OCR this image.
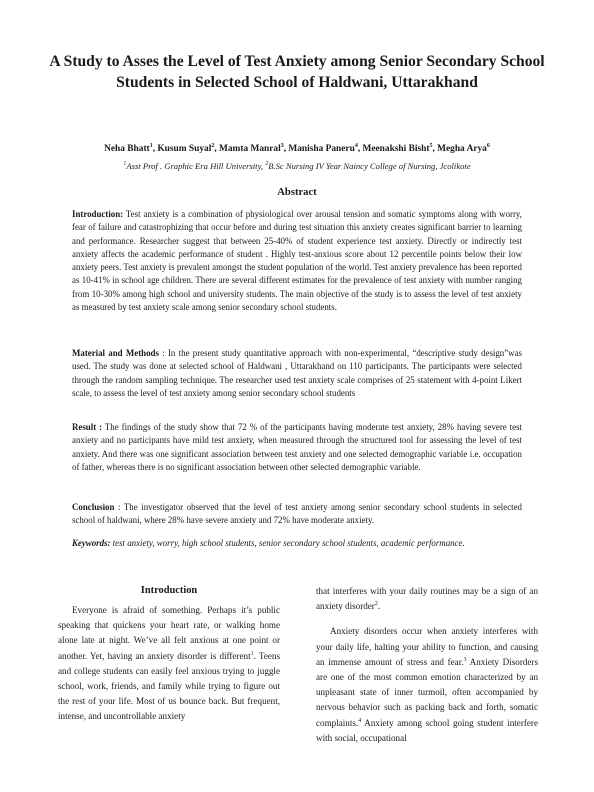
A Study to Asses the Level of Test Anxiety among Senior Secondary School Students in Selected School of Haldwani, Uttarakhand
Neha Bhatt$^1$, Kusum Suyal$^2$, Mamta Manral$^3$, Manisha Paneru$^4$, Meenakshi Bisht$^5$, Megha Arya$^6$
$^1$Asst Prof . Graphic Era Hill University, $^2$B.Sc Nursing IV Year Naincy College of Nursing, Jcolikote
Abstract
Introduction: Test anxiety is a combination of physiological over arousal tension and somatic symptoms along with worry, fear of failure and catastrophizing that occur before and during test situation this anxiety creates significant barrier to learning and performance. Researcher suggest that between 25-40% of student experience test anxiety. Directly or indirectly test anxiety affects the academic performance of student . Highly test-anxious score about 12 percentile points below their low anxiety peers. Test anxiety is prevalent amongst the student population of the world. Test anxiety prevalence has been reported as 10-41% in school age children. There are several different estimates for the prevalence of test anxiety with number ranging from 10-30% among high school and university students. The main objective of the study is to assess the level of test anxiety as measured by test anxiety scale among senior secondary school students.
Material and Methods : In the present study quantitative approach with non-experimental, “descriptive study design”was used. The study was done at selected school of Haldwani , Uttarakhand on 110 participants. The participants were selected through the random sampling technique. The researcher used test anxiety scale comprises of 25 statement with 4-point Likert scale, to assess the level of test anxiety among senior secondary school students
Result : The findings of the study show that 72 % of the participants having moderate test anxiety, 28% having severe test anxiety and no participants have mild test anxiety, when measured through the structured tool for assessing the level of test anxiety. And there was one significant association between test anxiety and one selected demographic variable i.e. occupation of father, whereas there is no significant association between other selected demographic variable.
Conclusion : The investigator observed that the level of test anxiety among senior secondary school students in selected school of haldwani, where 28% have severe anxiety and 72% have moderate anxiety.
Keywords: test anxiety, worry, high school students, senior secondary school students, academic performance.
Introduction

Everyone is afraid of something. Perhaps it’s public speaking that quickens your heart rate, or walking home alone late at night. We’ve all felt anxious at one point or another. Yet, having an anxiety disorder is different$^1$. Teens and college students can easily feel anxious trying to juggle school, work, friends, and family while trying to figure out the rest of your life. Most of us bounce back. But frequent, intense, and uncontrollable anxiety

that interferes with your daily routines may be a sign of an anxiety disorder$^2$.

Anxiety disorders occur when anxiety interferes with your daily life, halting your ability to function, and causing an immense amount of stress and fear.$^3$ Anxiety Disorders are one of the most common emotion characterized by an unpleasant state of inner turmoil, often accompanied by nervous behavior such as packing back and forth, somatic complaints.$^4$ Anxiety among school going student interfere with social, occupational
